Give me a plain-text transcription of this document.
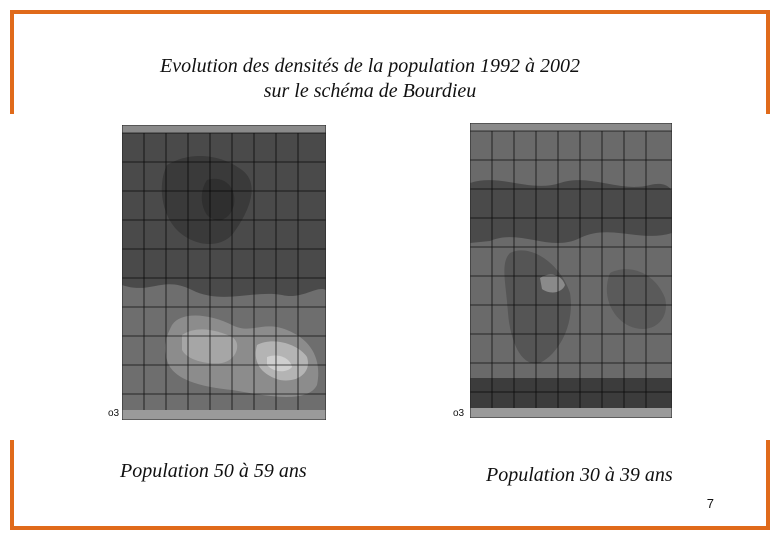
Evolution des densités de la population 1992 à 2002
sur le schéma de Bourdieu
o3	o3
Population 50 à 59 ans	Population 30 à 39 ans
7
